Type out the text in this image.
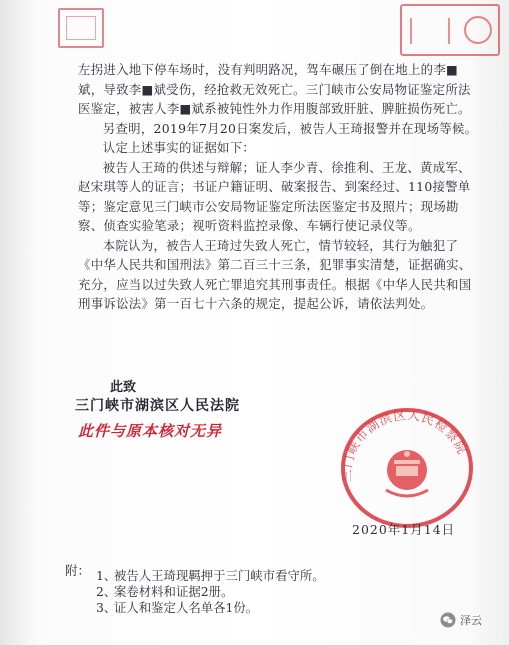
左拐进入地下停车场时，没有判明路况，驾车碾压了倒在地上的李■斌，导致李■斌受伤，经抢救无效死亡。三门峡市公安局物证鉴定所法医鉴定，被害人李■斌系被钝性外力作用腹部致肝脏、脾脏损伤死亡。

另查明，2019年7月20日案发后，被告人王琦报警并在现场等候。

认定上述事实的证据如下：

被告人王琦的供述与辩解；证人李少青、徐推利、王龙、黄成军、赵宋琪等人的证言；书证户籍证明、破案报告、到案经过、110接警单等；鉴定意见三门峡市公安局物证鉴定所法医鉴定书及照片；现场勘察、侦查实验笔录；视听资料监控录像、车辆行使记录仪等。

本院认为，被告人王琦过失致人死亡，情节较轻，其行为触犯了《中华人民共和国刑法》第二百三十三条，犯罪事实清楚，证据确实、充分，应当以过失致人死亡罪追究其刑事责任。根据《中华人民共和国刑事诉讼法》第一百七十六条的规定，提起公诉，请依法判处。

此致
三门峡市湖滨区人民法院
此件与原本核对无异
三门峡市湖滨区人民检察院
2020年1月14日
附： 1、
被告人王琦现羁押于三门峡市看守所。
2、
案卷材料和证据2册。
3、
证人和鉴定人名单各1份。
泽云
